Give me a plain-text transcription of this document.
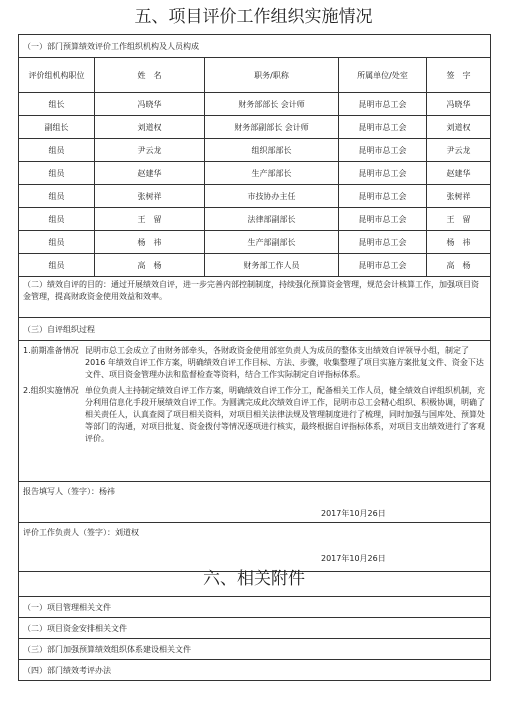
五、项目评价工作组织实施情况
（一）部门预算绩效评价工作组织机构及人员构成				
评价组机构职位	姓　名	职务/职称	所属单位/处室	签　字
组长	冯晓华	财务部部长 会计师	昆明市总工会	冯晓华
副组长	刘道权	财务部副部长 会计师	昆明市总工会	刘道权
组员	尹云龙	组织部部长	昆明市总工会	尹云龙
组员	赵建华	生产部部长	昆明市总工会	赵建华
组员	张树祥	市技协办主任	昆明市总工会	张树祥
组员	王　留	法律部副部长	昆明市总工会	王　留
组员	杨　祎	生产部副部长	昆明市总工会	杨　祎
组员	高　杨	财务部工作人员	昆明市总工会	高　杨
（二）绩效自评的目的：通过开展绩效自评，进一步完善内部控制制度，持续强化预算资金管理，规范会计核算工作，加强项目资金管理，提高财政资金使用效益和效率。				
（三）自评组织过程				

1.前期准备情况 昆明市总工会成立了由财务部牵头，各财政资金使用部室负责人为成员的整体支出绩效自评领导小组，制定了 2016 年绩效自评工作方案，明确绩效自评工作目标、方法、步骤，收集整理了项目实施方案批复文件、资金下达文件、项目资金管理办法和监督检查等资料，结合工作实际制定自评指标体系。
2.组织实施情况 单位负责人主持制定绩效自评工作方案，明确绩效自评工作分工，配备相关工作人员，健全绩效自评组织机制，充分利用信息化手段开展绩效自评工作。为圆满完成此次绩效自评工作，昆明市总工会精心组织、积极协调，明确了相关责任人，认真查阅了项目相关资料，对项目相关法律法规及管理制度进行了梳理，同时加强与国库处、预算处等部门的沟通，对项目批复、资金拨付等情况逐项进行核实，最终根据自评指标体系，对项目支出绩效进行了客观评价。				

报告填写人（签字）：杨祎
2017年10月26日				

评价工作负责人（签字）：刘道权
2017年10月26日				

（一）项目管理相关文件				
（二）项目资金安排相关文件				
（三）部门加强预算绩效组织体系建设相关文件				
（四）部门绩效考评办法				
六、相关附件
